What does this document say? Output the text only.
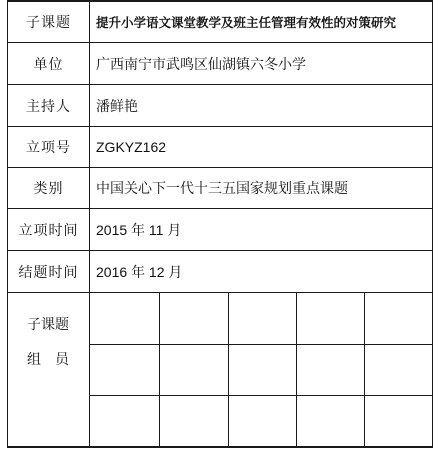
子课题	提升小学语文课堂教学及班主任管理有效性的对策研究
单位	广西南宁市武鸣区仙湖镇六冬小学
主持人	潘鲜艳
立项号	ZGKYZ162
类别	中国关心下一代十三五国家规划重点课题
立项时间	2015 年 11 月
结题时间	2016 年 12 月
子课题
组　员
